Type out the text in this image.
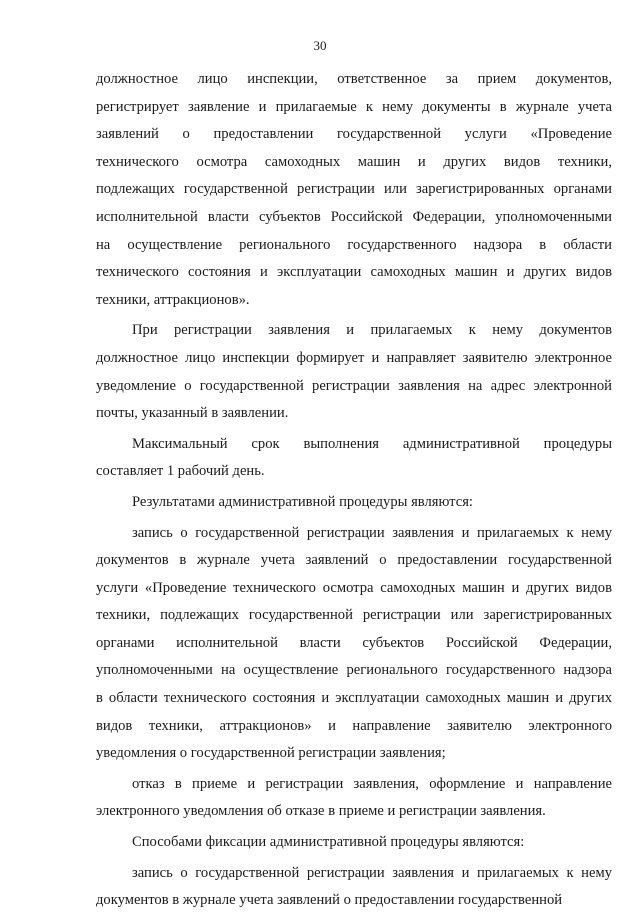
30

должностное лицо инспекции, ответственное за прием документов,
регистрирует заявление и прилагаемые к нему документы в журнале учета
заявлений о предоставлении государственной услуги «Проведение
технического осмотра самоходных машин и других видов техники,
подлежащих государственной регистрации или зарегистрированных органами
исполнительной власти субъектов Российской Федерации, уполномоченными
на осуществление регионального государственного надзора в области
технического состояния и эксплуатации самоходных машин и других видов
техники, аттракционов».

При регистрации заявления и прилагаемых к нему документов
должностное лицо инспекции формирует и направляет заявителю электронное
уведомление о государственной регистрации заявления на адрес электронной
почты, указанный в заявлении.

Максимальный срок выполнения административной процедуры
составляет 1 рабочий день.

Результатами административной процедуры являются:

запись о государственной регистрации заявления и прилагаемых к нему
документов в журнале учета заявлений о предоставлении государственной
услуги «Проведение технического осмотра самоходных машин и других видов
техники, подлежащих государственной регистрации или зарегистрированных
органами исполнительной власти субъектов Российской Федерации,
уполномоченными на осуществление регионального государственного надзора
в области технического состояния и эксплуатации самоходных машин и других
видов техники, аттракционов» и направление заявителю электронного
уведомления о государственной регистрации заявления;

отказ в приеме и регистрации заявления, оформление и направление
электронного уведомления об отказе в приеме и регистрации заявления.

Способами фиксации административной процедуры являются:

запись о государственной регистрации заявления и прилагаемых к нему
документов в журнале учета заявлений о предоставлении государственной
